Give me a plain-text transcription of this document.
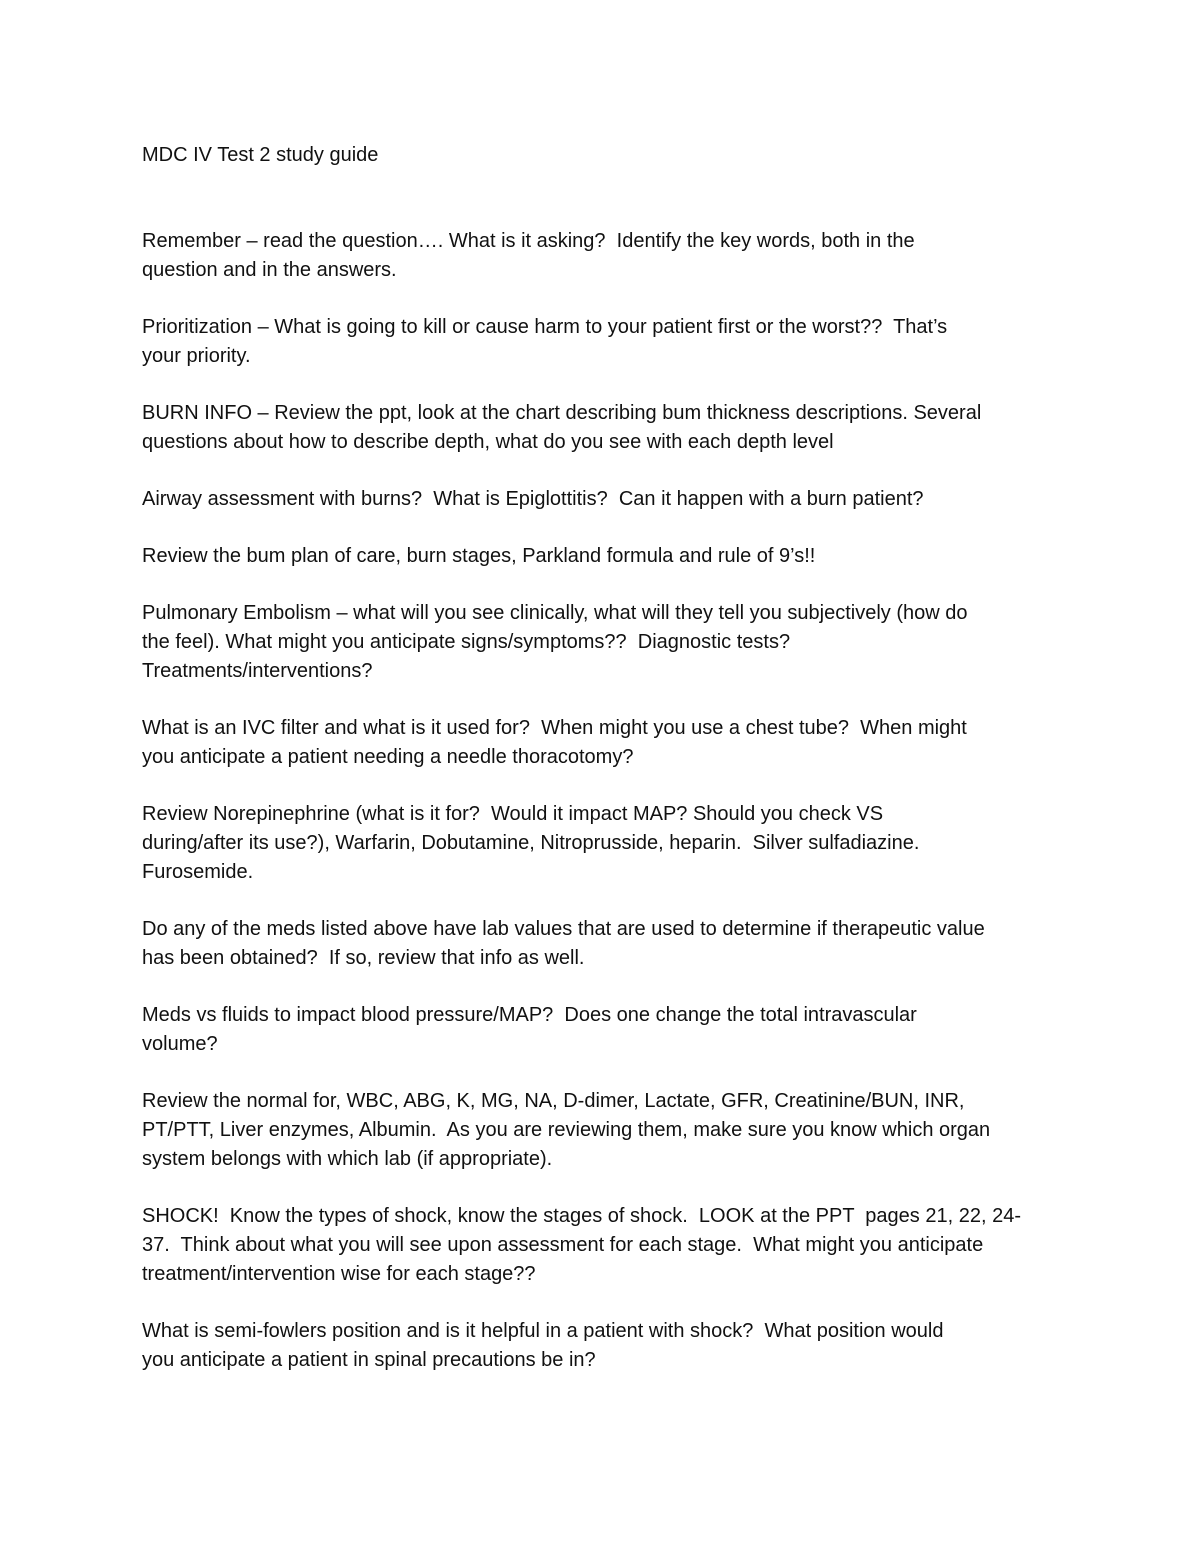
MDC IV Test 2 study guide
Remember – read the question…. What is it asking?  Identify the key words, both in the
question and in the answers.
Prioritization – What is going to kill or cause harm to your patient first or the worst??  That’s
your priority.
BURN INFO – Review the ppt, look at the chart describing bum thickness descriptions. Several
questions about how to describe depth, what do you see with each depth level
Airway assessment with burns?  What is Epiglottitis?  Can it happen with a burn patient?
Review the bum plan of care, burn stages, Parkland formula and rule of 9’s!!
Pulmonary Embolism – what will you see clinically, what will they tell you subjectively (how do
the feel). What might you anticipate signs/symptoms??  Diagnostic tests?
Treatments/interventions?
What is an IVC filter and what is it used for?  When might you use a chest tube?  When might
you anticipate a patient needing a needle thoracotomy?
Review Norepinephrine (what is it for?  Would it impact MAP? Should you check VS
during/after its use?), Warfarin, Dobutamine, Nitroprusside, heparin.  Silver sulfadiazine.
Furosemide.
Do any of the meds listed above have lab values that are used to determine if therapeutic value
has been obtained?  If so, review that info as well.
Meds vs fluids to impact blood pressure/MAP?  Does one change the total intravascular
volume?
Review the normal for, WBC, ABG, K, MG, NA, D-dimer, Lactate, GFR, Creatinine/BUN, INR,
PT/PTT, Liver enzymes, Albumin.  As you are reviewing them, make sure you know which organ
system belongs with which lab (if appropriate).
SHOCK!  Know the types of shock, know the stages of shock.  LOOK at the PPT  pages 21, 22, 24-
37.  Think about what you will see upon assessment for each stage.  What might you anticipate
treatment/intervention wise for each stage??
What is semi-fowlers position and is it helpful in a patient with shock?  What position would
you anticipate a patient in spinal precautions be in?
